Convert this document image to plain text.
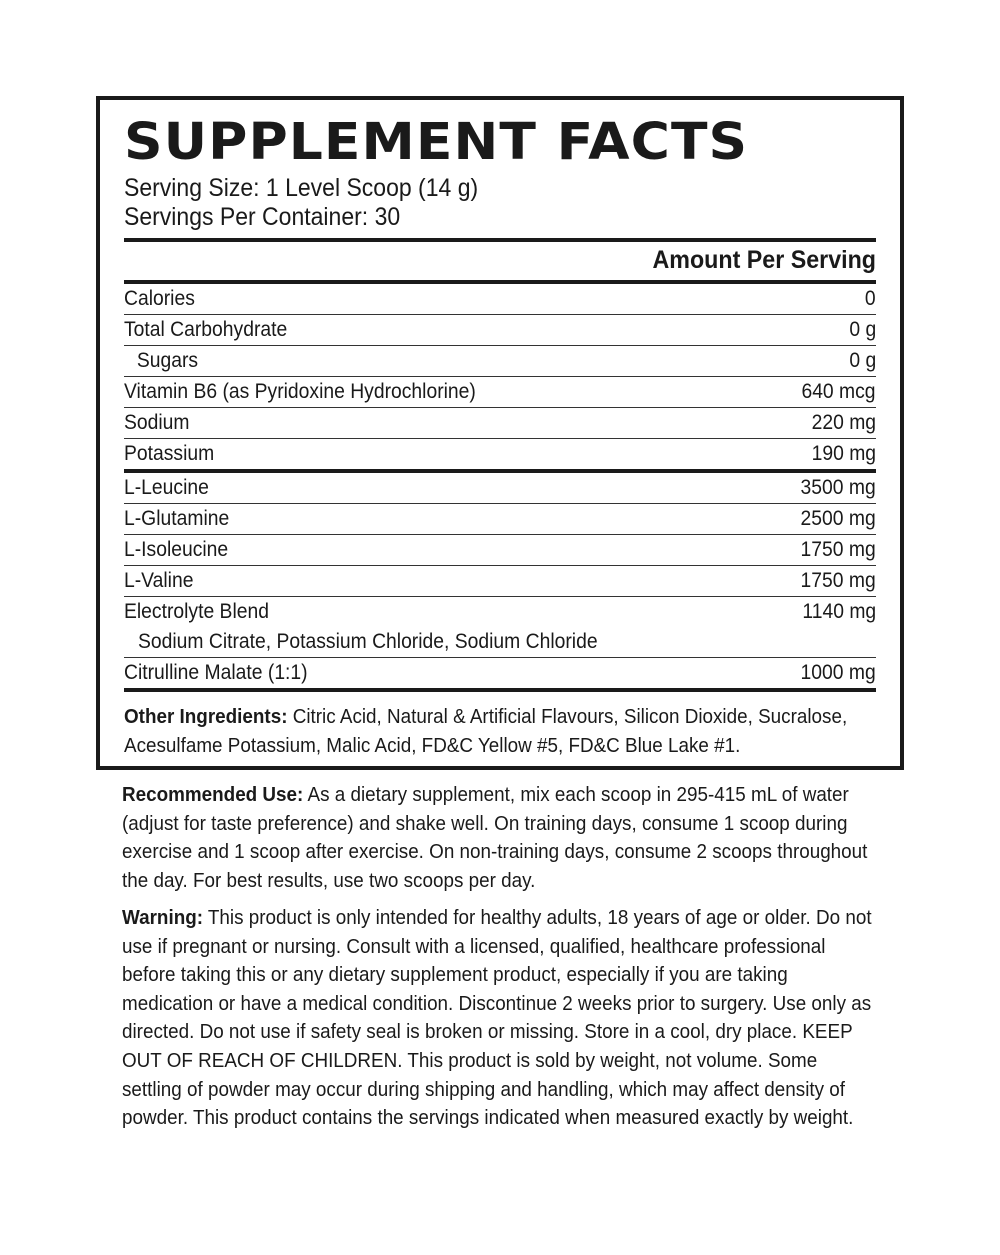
SUPPLEMENT FACTS
Serving Size: 1 Level Scoop (14 g)
Servings Per Container: 30
Amount Per Serving
Calories	0
Total Carbohydrate	0 g
Sugars	0 g
Vitamin B6 (as Pyridoxine Hydrochlorine)	640 mcg
Sodium	220 mg
Potassium	190 mg
L-Leucine	3500 mg
L-Glutamine	2500 mg
L-Isoleucine	1750 mg
L-Valine	1750 mg
Electrolyte Blend	1140 mg
Sodium Citrate, Potassium Chloride, Sodium Chloride
Citrulline Malate (1:1)	1000 mg
Other Ingredients: Citric Acid, Natural & Artificial Flavours, Silicon Dioxide, Sucralose, Acesulfame Potassium, Malic Acid, FD&C Yellow #5, FD&C Blue Lake #1.
Recommended Use: As a dietary supplement, mix each scoop in 295-415 mL of water (adjust for taste preference) and shake well. On training days, consume 1 scoop during exercise and 1 scoop after exercise. On non-training days, consume 2 scoops throughout the day. For best results, use two scoops per day.
Warning: This product is only intended for healthy adults, 18 years of age or older. Do not use if pregnant or nursing. Consult with a licensed, qualified, healthcare professional before taking this or any dietary supplement product, especially if you are taking medication or have a medical condition. Discontinue 2 weeks prior to surgery. Use only as directed. Do not use if safety seal is broken or missing. Store in a cool, dry place. KEEP OUT OF REACH OF CHILDREN. This product is sold by weight, not volume. Some settling of powder may occur during shipping and handling, which may affect density of powder. This product contains the servings indicated when measured exactly by weight.
